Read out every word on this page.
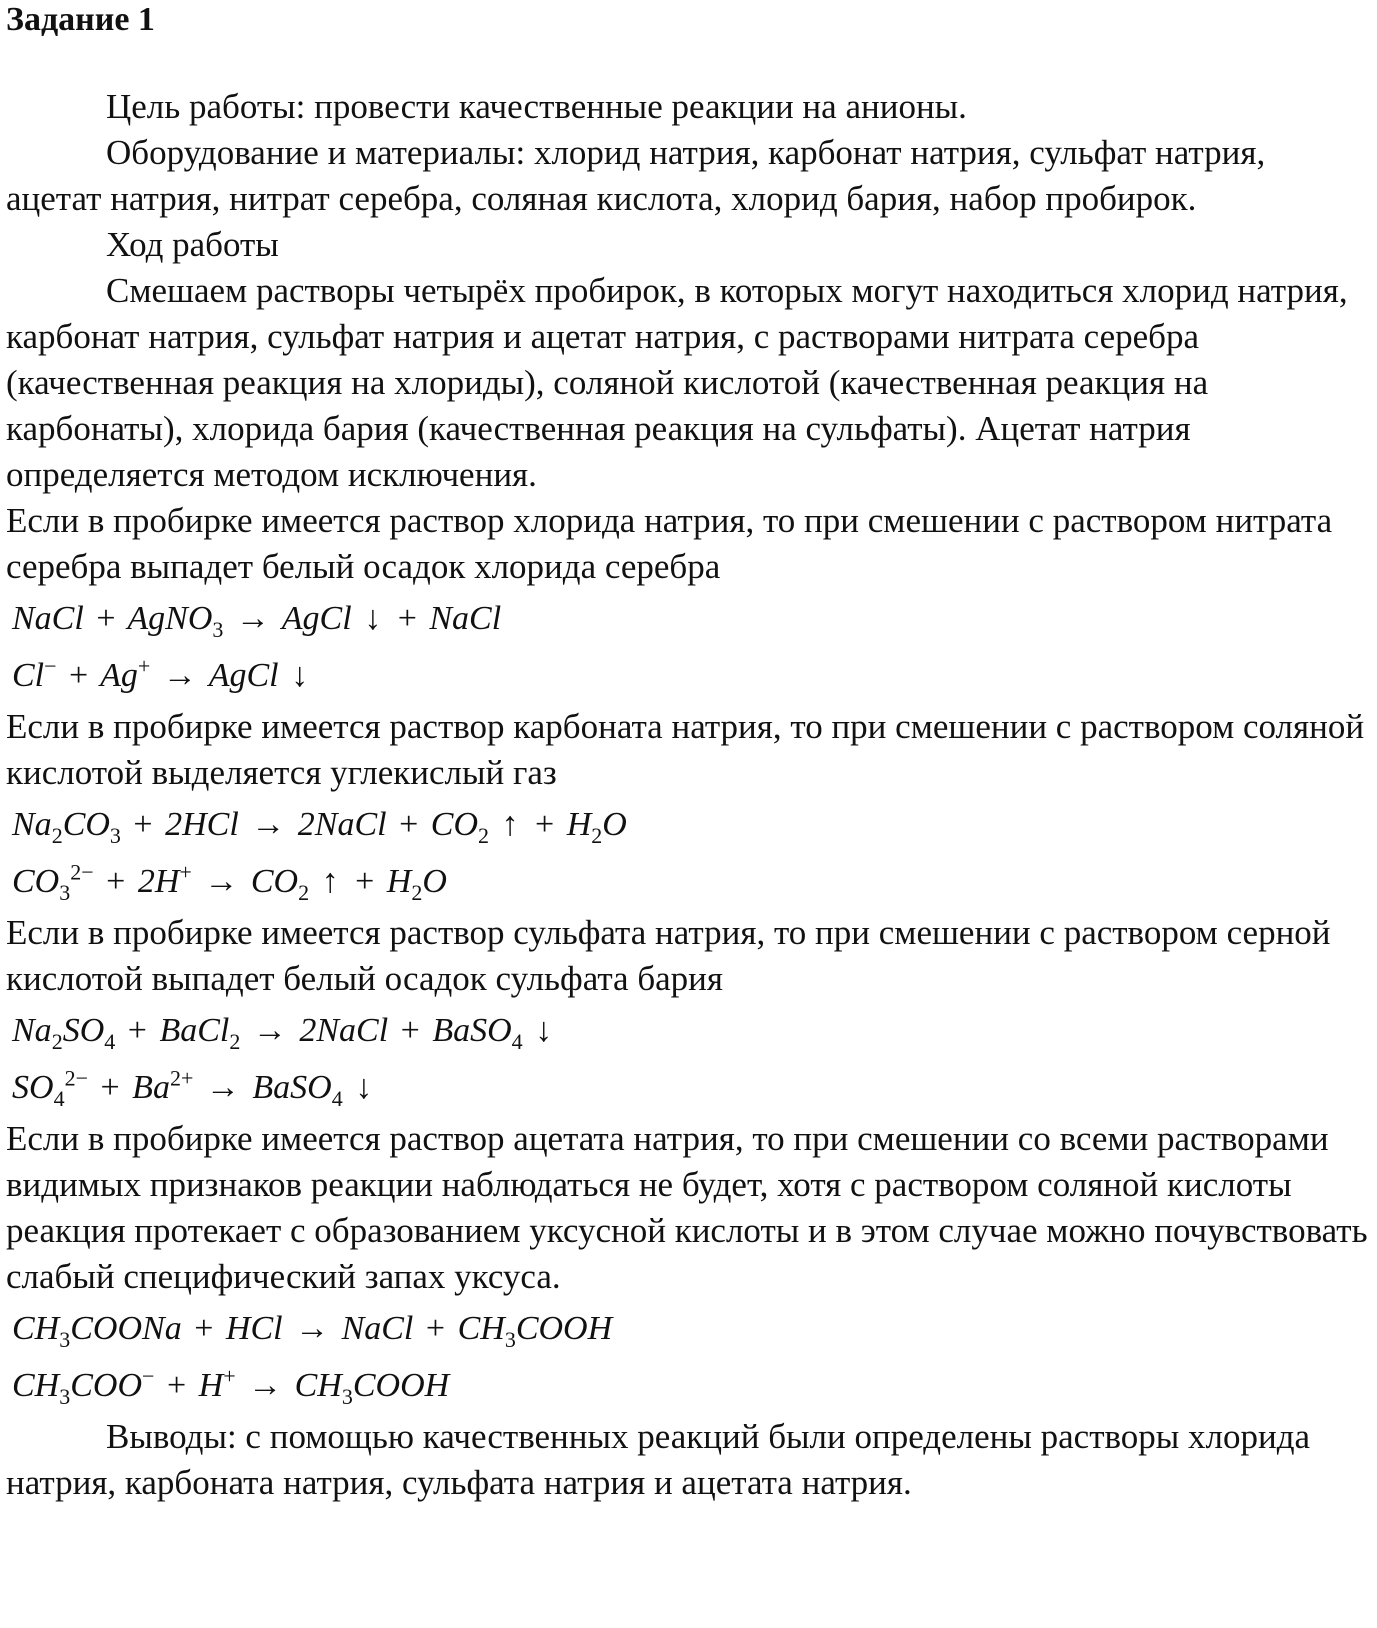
Задание 1

Цель работы: провести качественные реакции на анионы.

Оборудование и материалы: хлорид натрия, карбонат натрия, сульфат натрия, ацетат натрия, нитрат серебра, соляная кислота, хлорид бария, набор пробирок.

Ход работы

Смешаем растворы четырёх пробирок, в которых могут находиться хлорид натрия, карбонат натрия, сульфат натрия и ацетат натрия, с растворами нитрата серебра (качественная реакция на хлориды), соляной кислотой (качественная реакция на карбонаты), хлорида бария (качественная реакция на сульфаты). Ацетат натрия определяется методом исключения.

Если в пробирке имеется раствор хлорида натрия, то при смешении с раствором нитрата серебра выпадет белый осадок хлорида серебра

NaCl + AgNO$_3$ → AgCl ↓ + NaCl
Cl− + Ag+ → AgCl ↓

Если в пробирке имеется раствор карбоната натрия, то при смешении с раствором соляной кислотой выделяется углекислый газ

$Na_2CO_3 + 2HCl$ → 2NaCl + $CO_2$ ↑ + $H_2O$
$CO_3^{2-} + 2H^+ \to CO_2$ ↑ + $H_2O$

Если в пробирке имеется раствор сульфата натрия, то при смешении с раствором серной кислотой выпадет белый осадок сульфата бария

$Na_2SO_4$ + BaCl$_2$ → 2NaCl + BaSO$_4$ ↓
$SO_4^{2-} + Ba^{2+}$ → BaSO$_4$ ↓

Если в пробирке имеется раствор ацетата натрия, то при смешении со всеми растворами видимых признаков реакции наблюдаться не будет, хотя с раствором соляной кислоты реакция протекает с образованием уксусной кислоты и в этом случае можно почувствовать слабый специфический запах уксуса.

$CH_3COONa$ + HCl → NaCl + $CH_3COOH$
$CH_3COO^- + H^+$ → $CH_3COOH$

Выводы: с помощью качественных реакций были определены растворы хлорида натрия, карбоната натрия, сульфата натрия и ацетата натрия.
